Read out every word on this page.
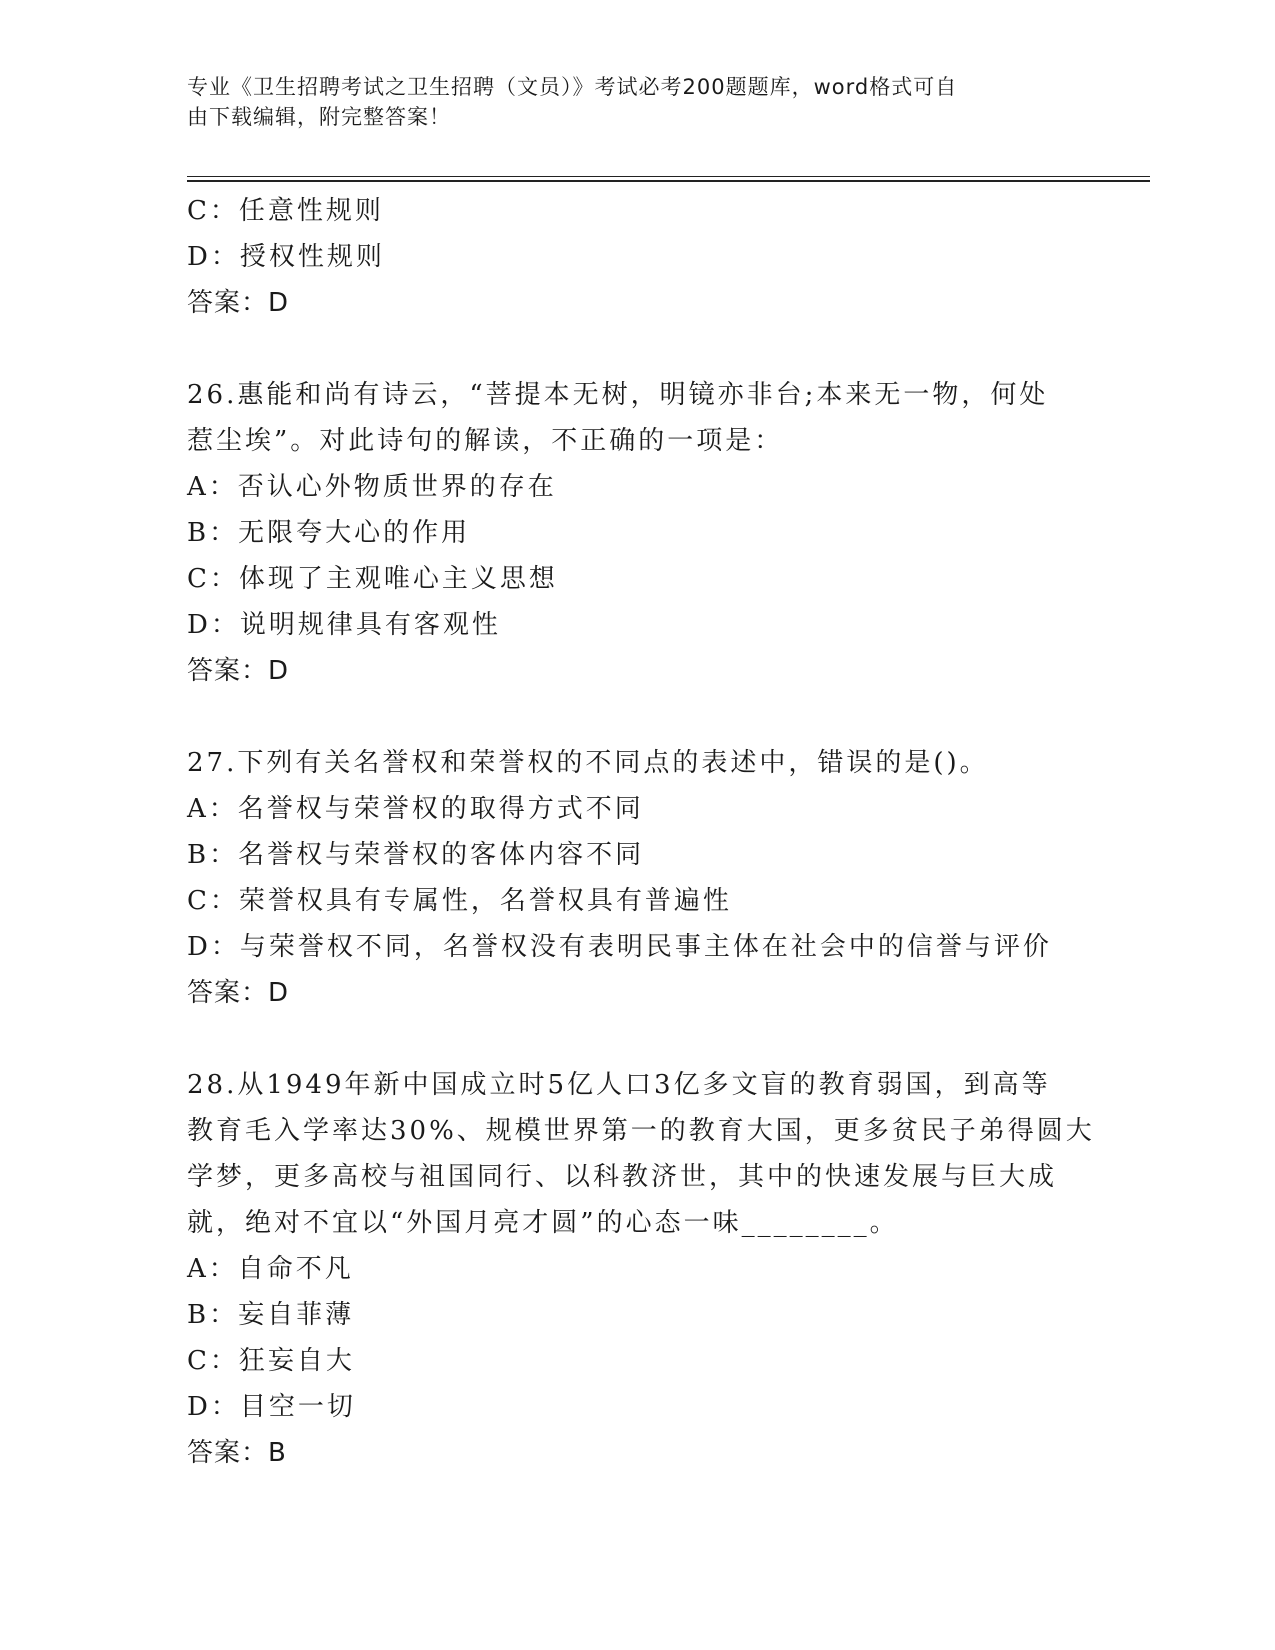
专业《卫生招聘考试之卫生招聘（文员）》考试必考200题题库，word格式可自
由下载编辑，附完整答案！
C：任意性规则
D：授权性规则
答案：D
26.惠能和尚有诗云，“菩提本无树，明镜亦非台;本来无一物，何处
惹尘埃”。对此诗句的解读，不正确的一项是：
A：否认心外物质世界的存在
B：无限夸大心的作用
C：体现了主观唯心主义思想
D：说明规律具有客观性
答案：D
27.下列有关名誉权和荣誉权的不同点的表述中，错误的是()。
A：名誉权与荣誉权的取得方式不同
B：名誉权与荣誉权的客体内容不同
C：荣誉权具有专属性，名誉权具有普遍性
D：与荣誉权不同，名誉权没有表明民事主体在社会中的信誉与评价
答案：D
28.从1949年新中国成立时5亿人口3亿多文盲的教育弱国，到高等
教育毛入学率达30%、规模世界第一的教育大国，更多贫民子弟得圆大
学梦，更多高校与祖国同行、以科教济世，其中的快速发展与巨大成
就，绝对不宜以“外国月亮才圆”的心态一味________。
A：自命不凡
B：妄自菲薄
C：狂妄自大
D：目空一切
答案：B
